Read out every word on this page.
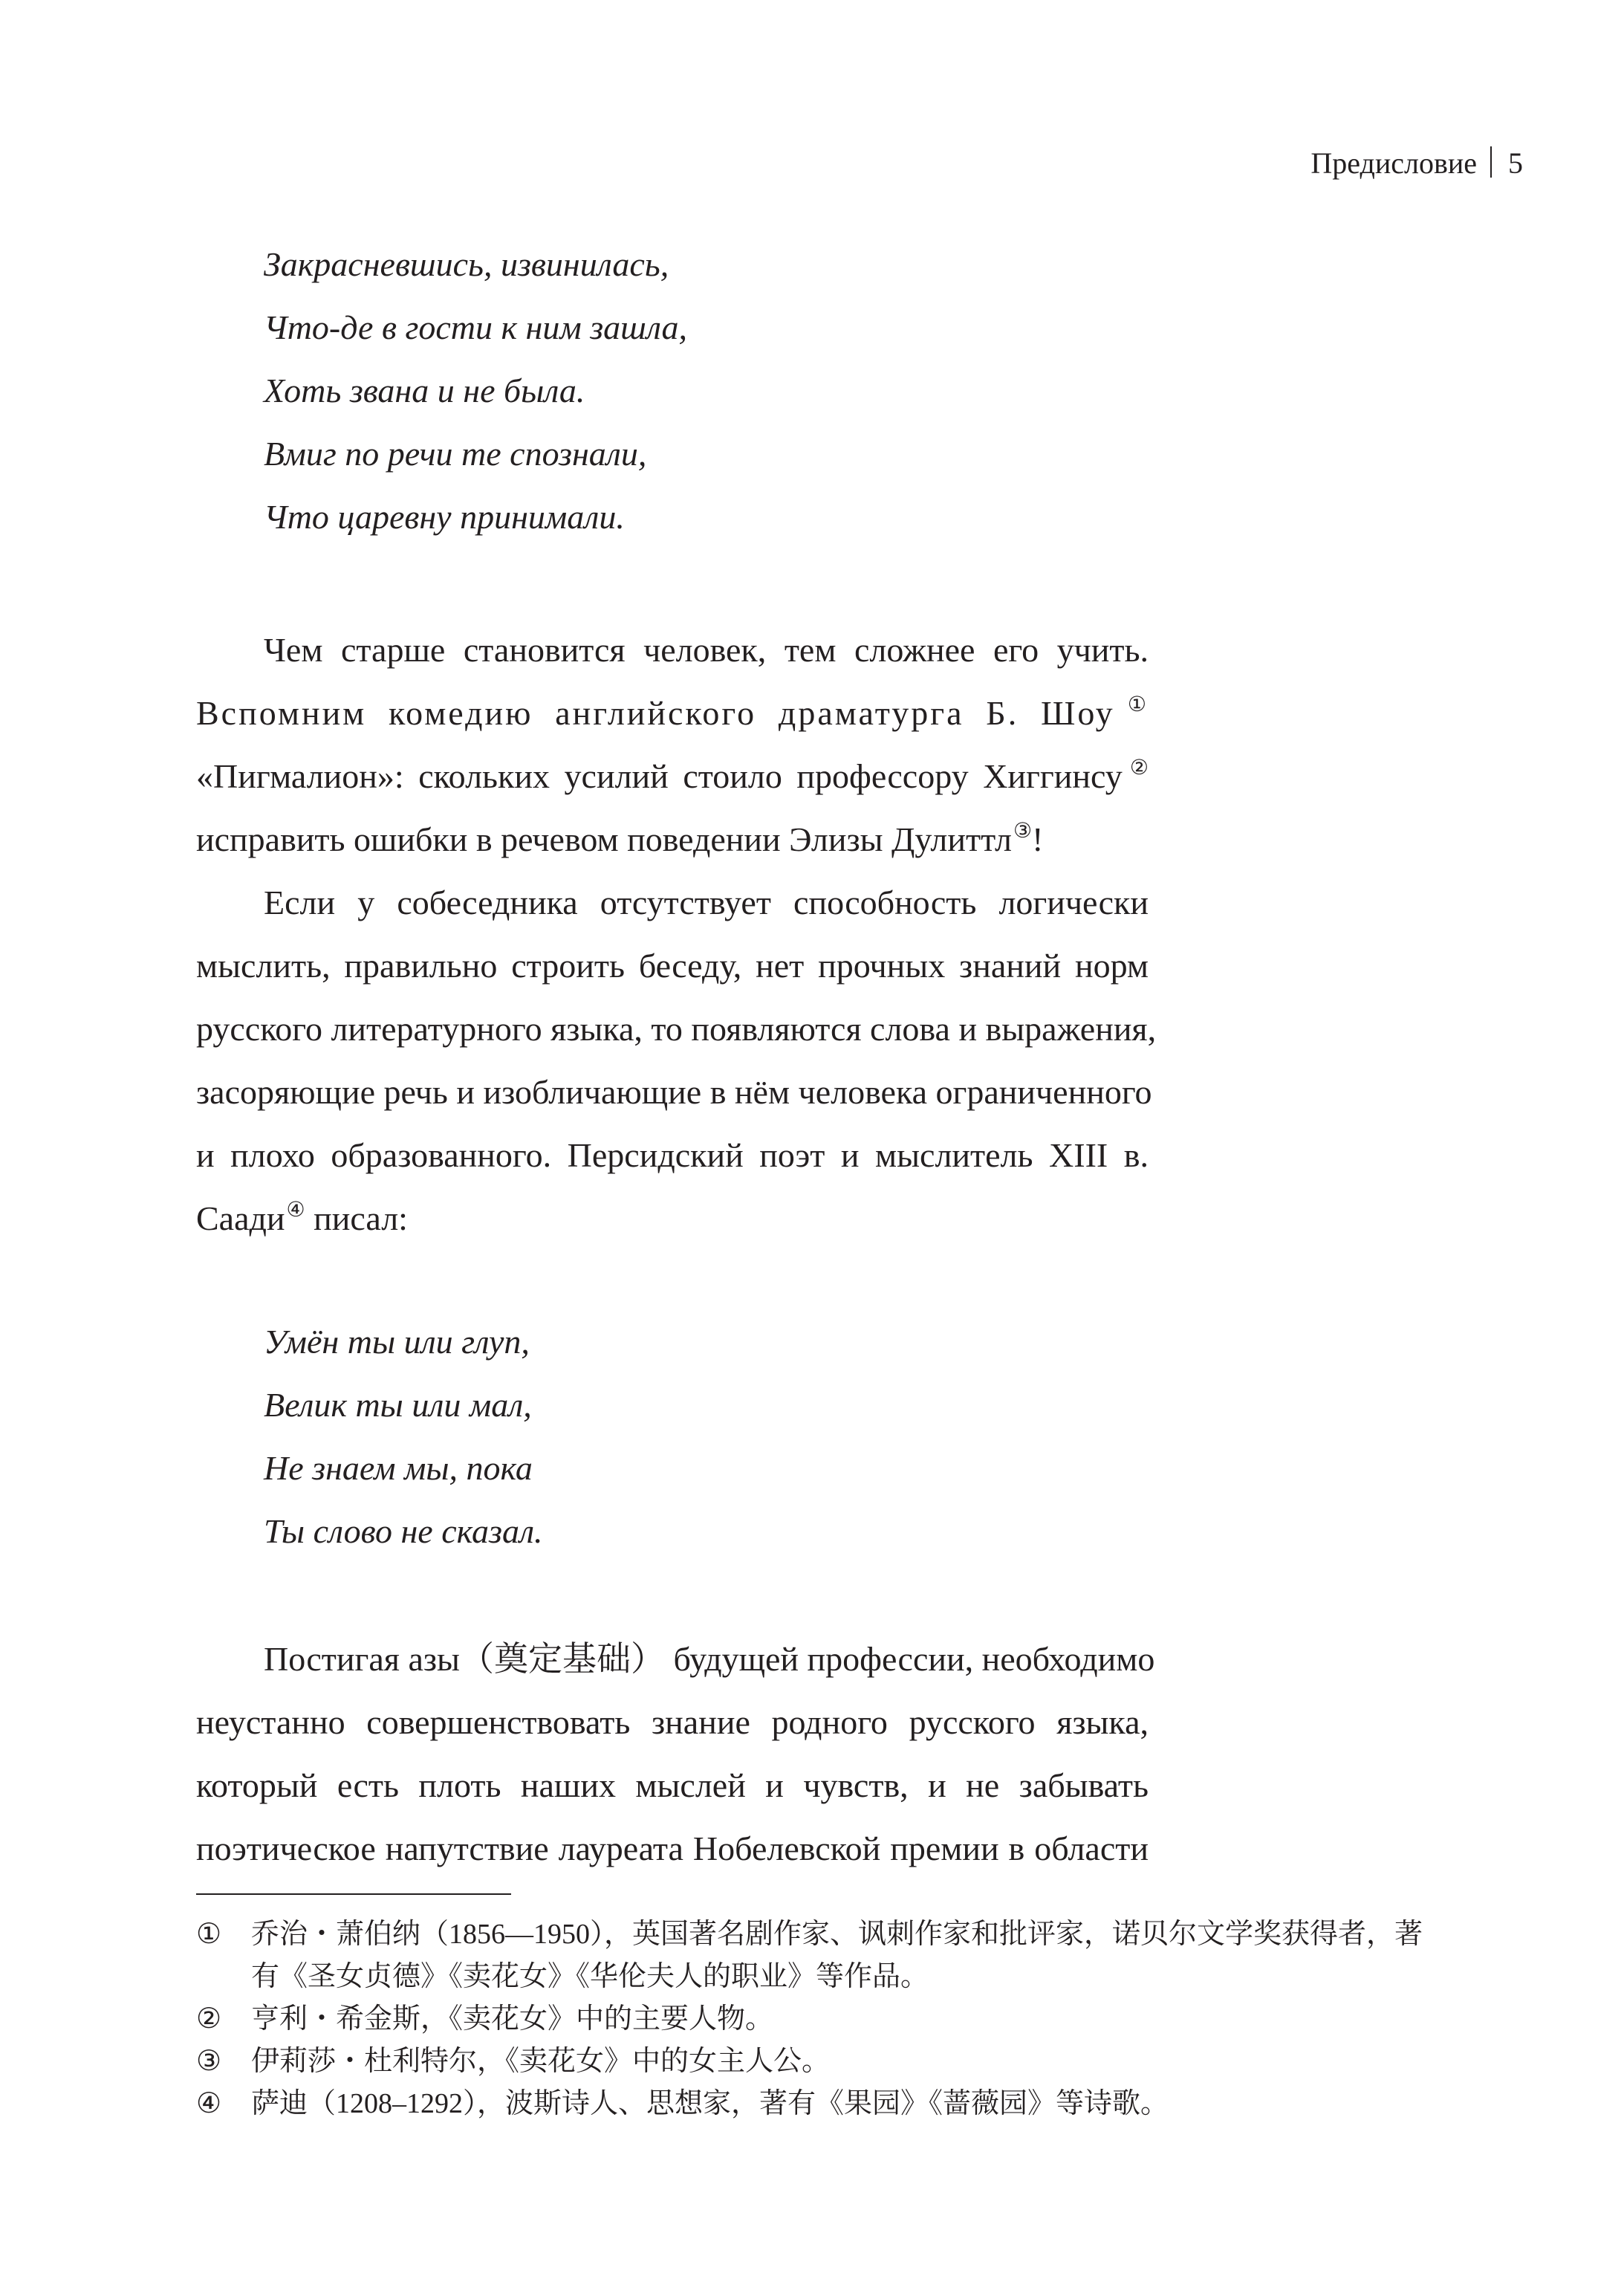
Предисловие 5
Закрасневшись, извинилась,
Что-де в гости к ним зашла,
Хоть звана и не была.
Вмиг по речи те спознали,
Что царевну принимали.
Чем старше становится человек, тем сложнее его учить.
Вспомним комедию английского драматурга Б. Шоу①
«Пигмалион»: скольких усилий стоило профессору Хиггинсу②
исправить ошибки в речевом поведении Элизы Дулиттл③!
Если у собеседника отсутствует способность логически
мыслить, правильно строить беседу, нет прочных знаний норм
русского литературного языка, то появляются слова и выражения,
засоряющие речь и изобличающие в нём человека ограниченного
и плохо образованного. Персидский поэт и мыслитель XIII в.
Саади④ писал:
Умён ты или глуп,
Велик ты или мал,
Не знаем мы, пока
Ты слово не сказал.
Постигая азы（奠定基础） будущей профессии, необходимо
неустанно совершенствовать знание родного русского языка,
который есть плоть наших мыслей и чувств, и не забывать
поэтическое напутствие лауреата Нобелевской премии в области
① 乔治・萧伯纳（1856—1950），英国著名剧作家、讽刺作家和批评家，诺贝尔文学奖获得者，著
有《圣女贞德》《卖花女》《华伦夫人的职业》等作品。
② 亨利・希金斯，《卖花女》中的主要人物。
③ 伊莉莎・杜利特尔，《卖花女》中的女主人公。
④ 萨迪（1208–1292），波斯诗人、思想家，著有《果园》《蔷薇园》等诗歌。
